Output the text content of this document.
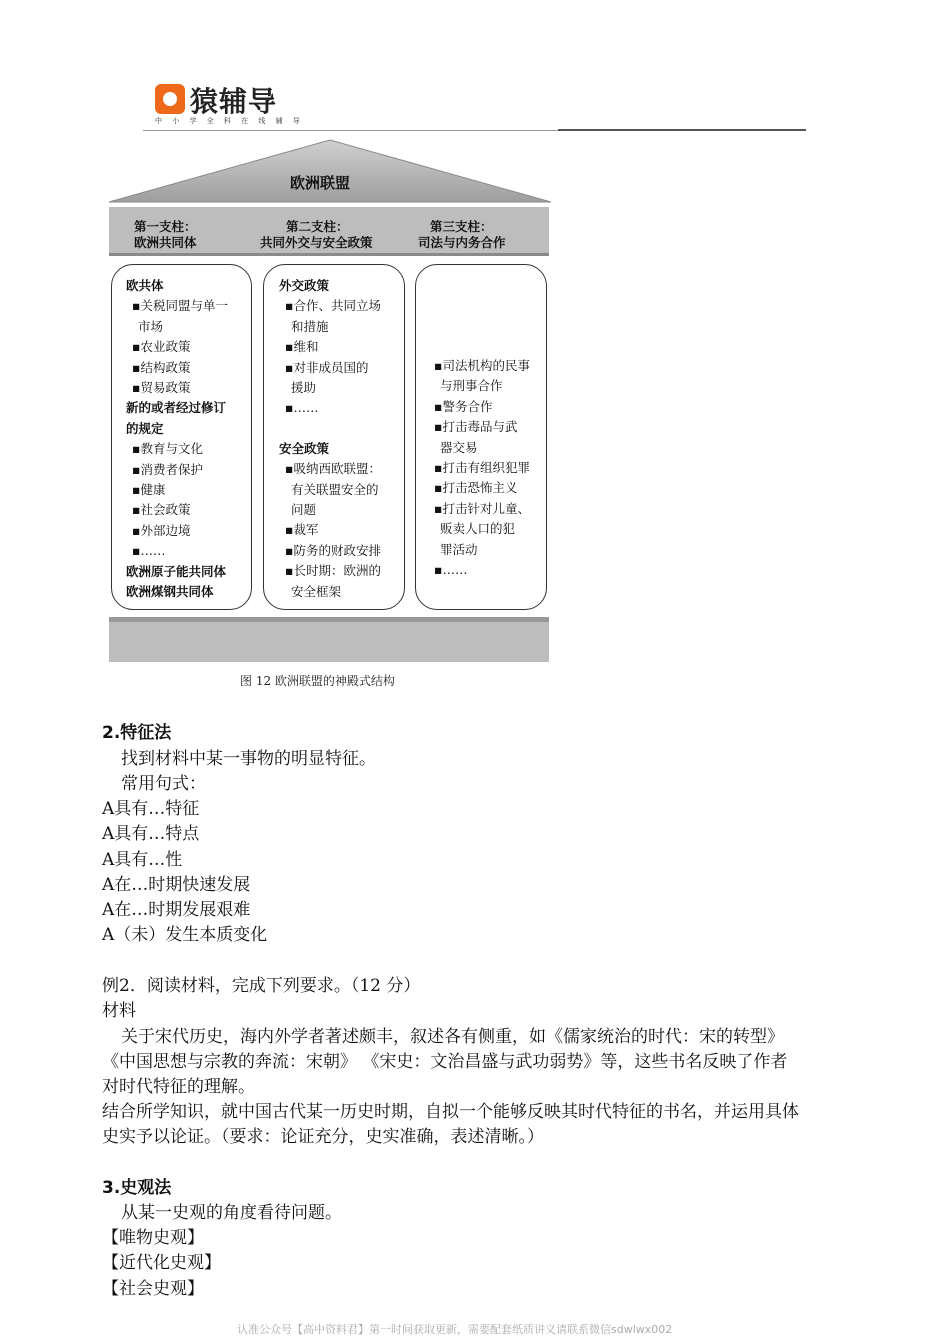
猿辅导
中 小 学 全 科 在 线 辅 导
欧洲联盟
第一支柱：
欧洲共同体
第二支柱：
共同外交与安全政策
第三支柱：
司法与内务合作
欧共体
▪关税同盟与单一
市场
▪农业政策
▪结构政策
▪贸易政策
新的或者经过修订
的规定
▪教育与文化
▪消费者保护
▪健康
▪社会政策
▪外部边境
▪……
欧洲原子能共同体
欧洲煤钢共同体
外交政策
▪合作、共同立场
和措施
▪维和
▪对非成员国的
援助
▪……
安全政策
▪吸纳西欧联盟：
有关联盟安全的
问题
▪裁军
▪防务的财政安排
▪长时期：欧洲的
安全框架
▪司法机构的民事
与刑事合作
▪警务合作
▪打击毒品与武
器交易
▪打击有组织犯罪
▪打击恐怖主义
▪打击针对儿童、
贩卖人口的犯
罪活动
▪……
图 12 欧洲联盟的神殿式结构
2.特征法
找到材料中某一事物的明显特征。
常用句式：
A具有…特征
A具有…特点
A具有…性
A在…时期快速发展
A在…时期发展艰难
A（未）发生本质变化
例2．阅读材料，完成下列要求。（12 分）
材料
关于宋代历史，海内外学者著述颇丰，叙述各有侧重，如《儒家统治的时代：宋的转型》
《中国思想与宗教的奔流：宋朝》 《宋史：文治昌盛与武功弱势》等，这些书名反映了作者
对时代特征的理解。
结合所学知识，就中国古代某一历史时期，自拟一个能够反映其时代特征的书名，并运用具体
史实予以论证。（要求：论证充分，史实准确，表述清晰。）
3.史观法
从某一史观的角度看待问题。
【唯物史观】
【近代化史观】
【社会史观】
认准公众号【高中资料君】第一时间获取更新，需要配套纸质讲义请联系微信sdwlwx002
